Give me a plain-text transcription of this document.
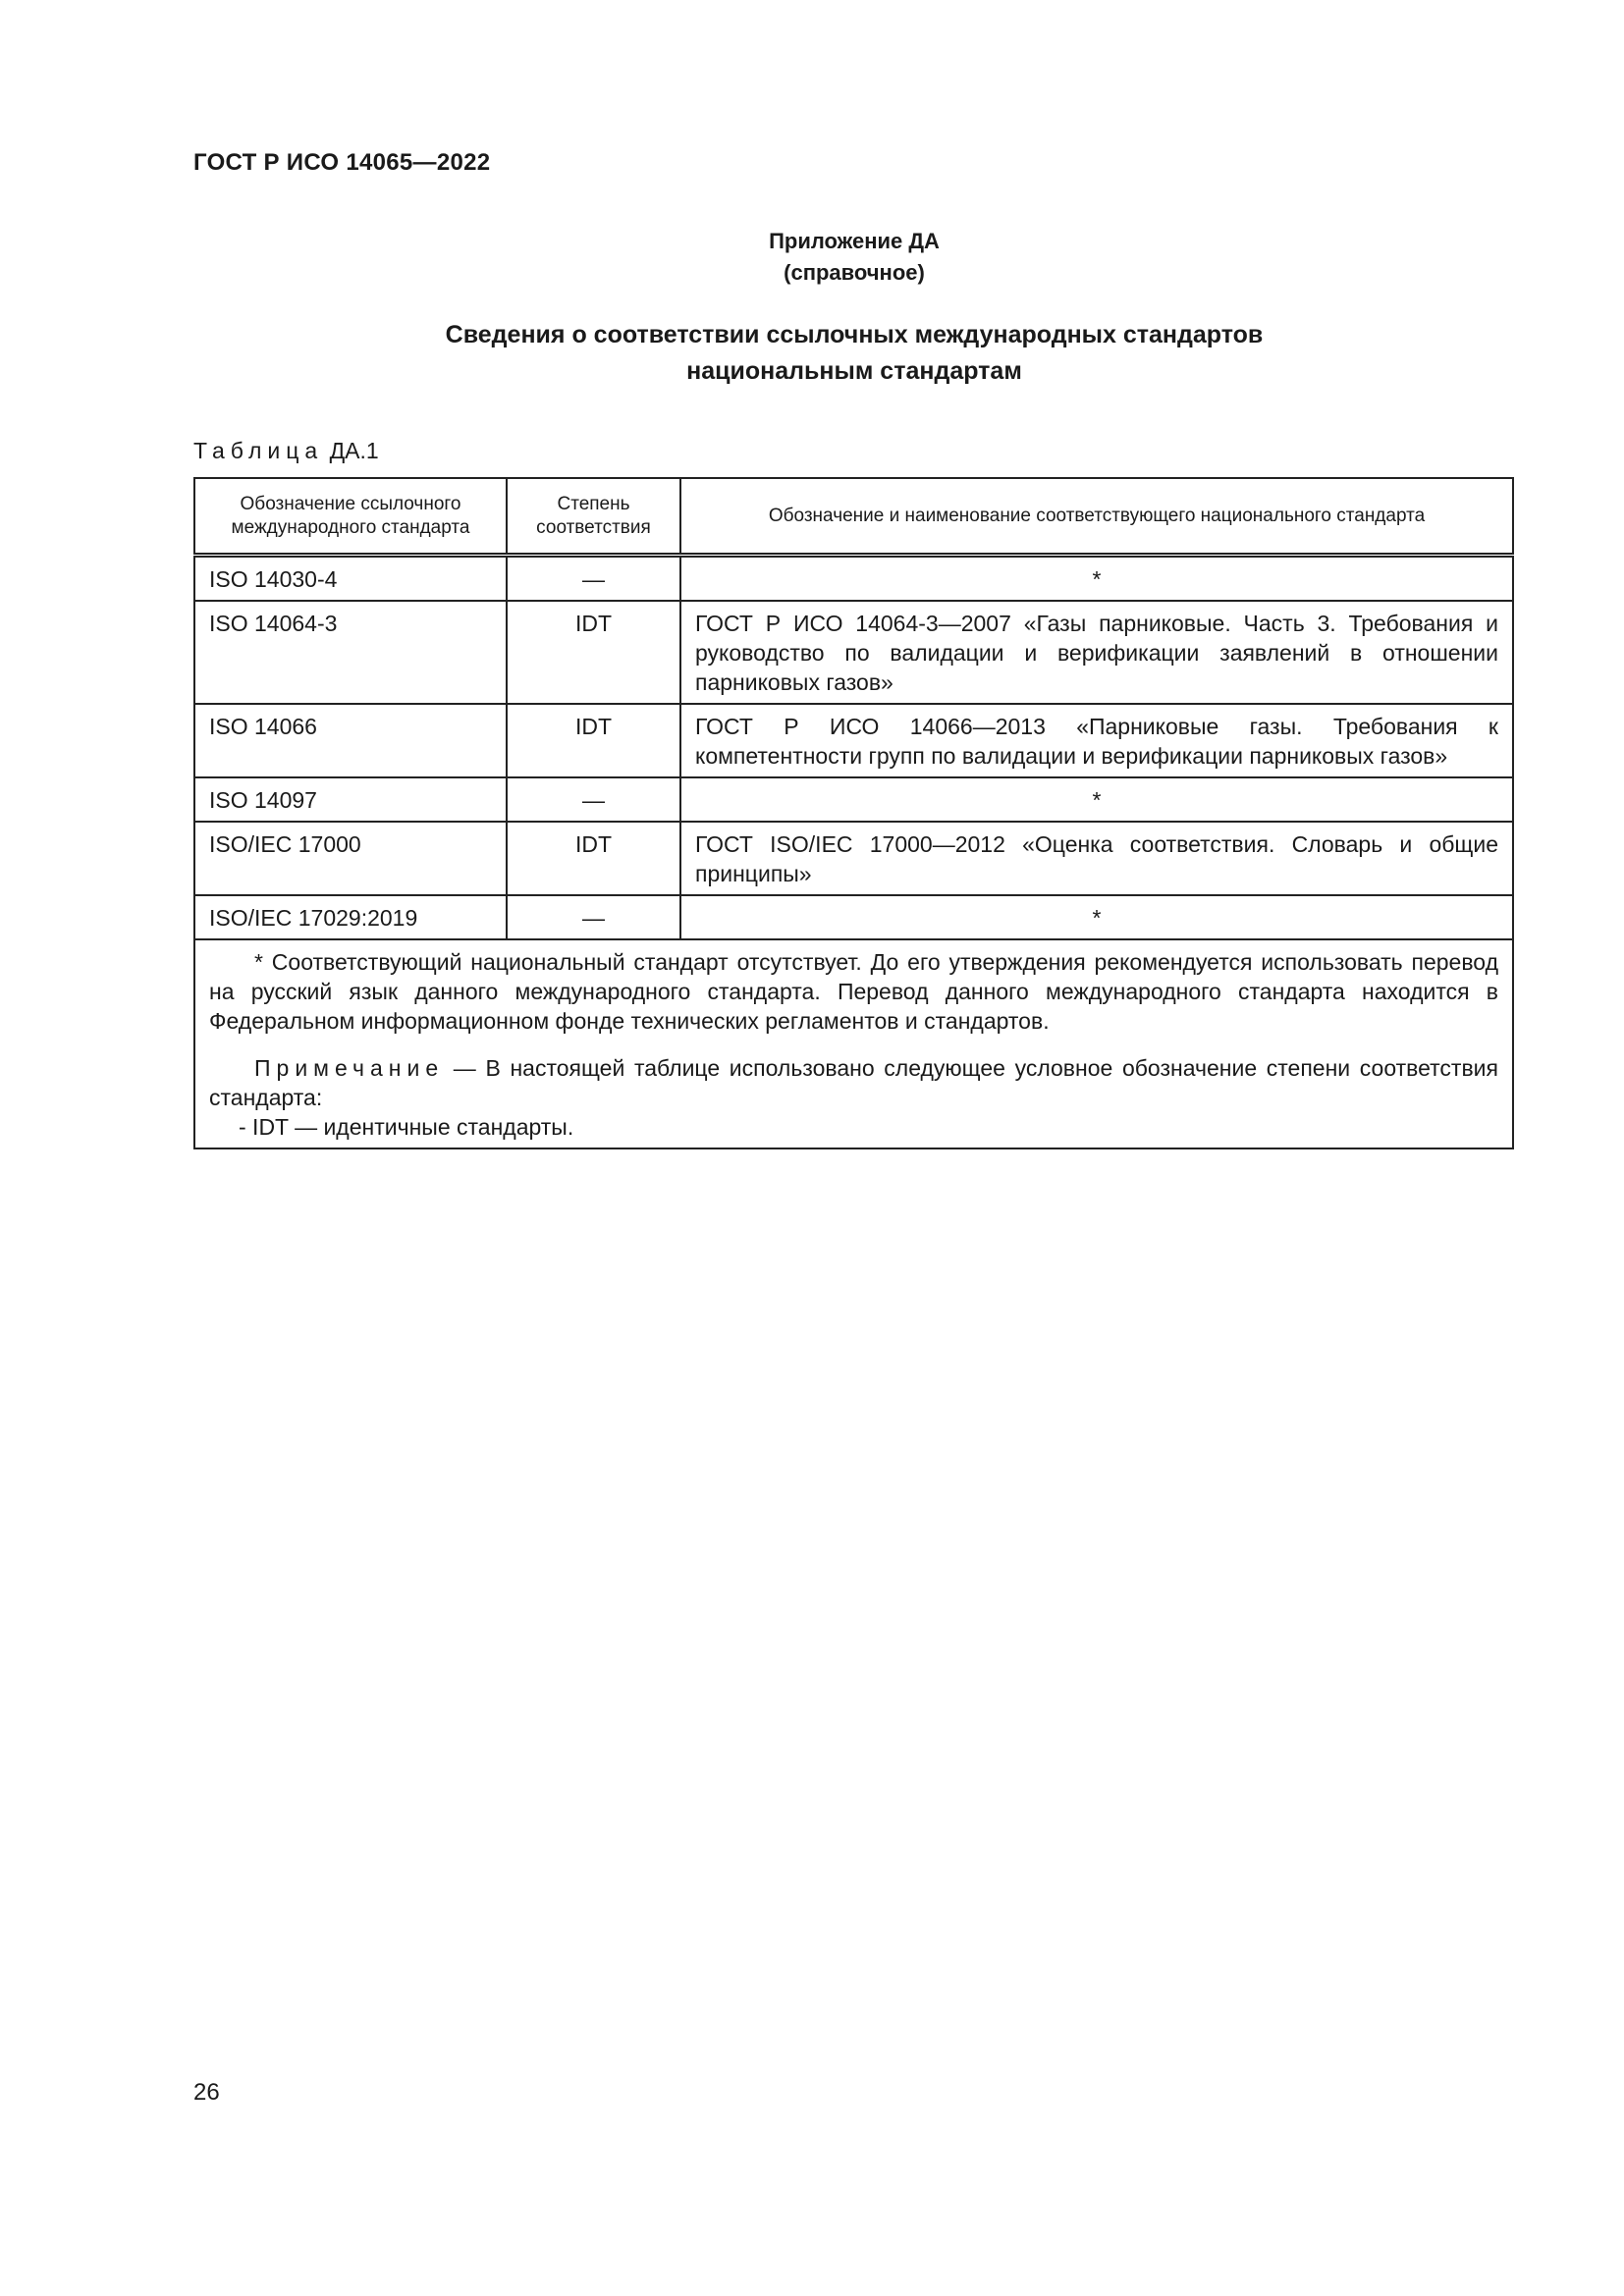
ГОСТ Р ИСО 14065—2022
Приложение ДА
(справочное)
Сведения о соответствии ссылочных международных стандартов
национальным стандартам
Таблица ДА.1
Обозначение ссылочного международного стандарта	Степень соответствия	Обозначение и наименование соответствующего национального стандарта
ISO 14030-4	—	*
ISO 14064-3	IDT	ГОСТ Р ИСО 14064-3—2007 «Газы парниковые. Часть 3. Требования и руководство по валидации и верификации заявлений в отношении парниковых газов»
ISO 14066	IDT	ГОСТ Р ИСО 14066—2013 «Парниковые газы. Требования к компетентности групп по валидации и верификации парниковых газов»
ISO 14097	—	*
ISO/IEC 17000	IDT	ГОСТ ISO/IEC 17000—2012 «Оценка соответствия. Словарь и общие принципы»
ISO/IEC 17029:2019	—	*

* Соответствующий национальный стандарт отсутствует. До его утверждения рекомендуется использовать перевод на русский язык данного международного стандарта. Перевод данного международного стандарта находится в Федеральном информационном фонде технических регламентов и стандартов.

Примечание — В настоящей таблице использовано следующее условное обозначение степени соответствия стандарта:

- IDT — идентичные стандарты.		

26
